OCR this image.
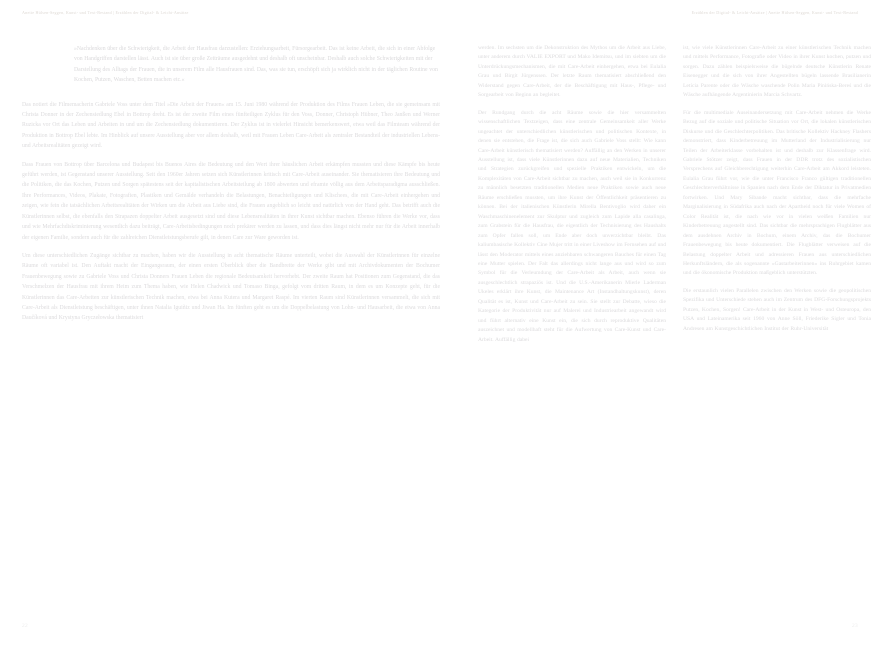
Anette Hülsen-Seggen, Kunst- und Text-Bestand | Erzählen der Digital- & Leicht-Ansätze

»Nachdenken über die Schwierigkeit, die Arbeit der Hausfrau darzustellen: Erziehungsarbeit, Fürsorgearbeit. Das ist keine Arbeit, die sich in einer Abfolge von Handgriffen darstellen lässt. Auch ist sie über große Zeiträume ausgedehnt und deshalb oft unscheinbar. Deshalb auch solche Schwierigkeiten mit der Darstellung des Alltags der Frauen, die in unserem Film alle Hausfrauen sind. Das, was sie tun, erschöpft sich ja wirklich nicht in der täglichen Routine von Kochen, Putzen, Waschen, Betten machen etc.«

Das notiert die Filmemacherin Gabriele Voss unter dem Titel »Die Arbeit der Frauen« am 15. Juni 1980 während der Produktion des Films Frauen Leben, die sie gemeinsam mit Christa Donner in der Zechensiedlung Ebel in Bottrop dreht. Es ist der zweite Film eines fünfteiligen Zyklus für den Voss, Donner, Christoph Hübner, Theo Janßen und Werner Ruzicka vor Ort das Leben und Arbeiten in und um die Zechensiedlung dokumentieren. Der Zyklus ist in vielerlei Hinsicht bemerkenswert, etwa weil das Filmteam während der Produktion in Bottrop Ebel lebte. Im Hinblick auf unsere Ausstellung aber vor allem deshalb, weil mit Frauen Leben Care-Arbeit als zentraler Bestandteil der industriellen Lebens- und Arbeitsrealitäten gezeigt wird.

Dass Frauen von Bottrop über Barcelona und Budapest bis Buenos Aires die Bedeutung und den Wert ihrer häuslichen Arbeit erkämpfen mussten und diese Kämpfe bis heute geführt werden, ist Gegenstand unserer Ausstellung. Seit den 1960er Jahren setzen sich Künstlerinnen kritisch mit Care-Arbeit auseinander. Sie thematisieren ihre Bedeutung und die Politiken, die das Kochen, Putzen und Sorgen spätestens seit der kapitalistischen Arbeitsteilung ab 1800 abwerten und eframte völlig aus dem Arbeitsparadigma ausschließen. Ihre Performances, Videos, Plakate, Fotografien, Plastiken und Gemälde verhandeln die Belastungen, Benachteiligungen und Klischees, die mit Care-Arbeit einhergehen und zeigen, wie fein die tatsächlichen Arbeitsrealitäten der Wirken um die Arbeit aus Liebe sind, die Frauen angeblich so leicht und natürlich von der Hand geht. Das betrifft auch die Künstlerinnen selbst, die ebenfalls den Strapazen doppelter Arbeit ausgesetzt sind und diese Lebensrealitäten in ihrer Kunst sichtbar machen. Ebenso führen die Werke vor, dass und wie Mehrfachdiskriminierung wesentlich dazu beiträgt, Care-Arbeitsbedingungen noch prekärer werden zu lassen, und dass dies längst nicht mehr nur für die Arbeit innerhalb der eigenen Familie, sondern auch für die zahlreichen Dienstleistungsberufe gilt, in denen Care zur Ware geworden ist.

Um diese unterschiedlichen Zugänge sichtbar zu machen, haben wir die Ausstellung in acht thematische Räume unterteilt, wobei die Auswahl der Künstlerinnen für einzelne Räume oft variabel ist. Den Auftakt macht der Eingangsraum, der einen ersten Überblick über die Bandbreite der Werke gibt und mit Archivdokumenten der Bochumer Frauenbewegung sowie zu Gabriele Voss und Christa Donners Frauen Leben die regionale Bedeutsamkeit hervorhebt. Der zweite Raum hat Positionen zum Gegenstand, die das Verschmelzen der Hausfrau mit ihrem Heim zum Thema haben, wie Helen Chadwick und Tomaso Binga, gefolgt vom dritten Raum, in dem es um Konzepte geht, für die Künstlerinnen das Care-Arbeiten zur künstlerischen Technik machen, etwa bei Anna Kutera und Margaret Raspé. Im vierten Raum sind Künstlerinnen versammelt, die sich mit Care-Arbeit als Dienstleistung beschäftigen, unter ihnen Natalia Iguiñiz und Jiwan Ha. Im fünften geht es um die Doppelbelastung von Lohn- und Hausarbeit, die etwa von Anna Daučíková und Krystyna Gryczełowska thematisiert

22
Erzählen der Digital- & Leicht-Ansätze | Anette Hülsen-Seggen, Kunst- und Text-Bestand

werden. Im sechsten um die Dekonstruktion des Mythos um die Arbeit aus Liebe, unter anderem durch VALIE EXPORT und Mako Idemitsu, und im siebten um die Unterdrückungsmechanismen, die mit Care-Arbeit einhergehen, etwa bei Eulalia Grau und Birgit Jürgenssen. Der letzte Raum thematisiert abschließend den Widerstand gegen Care-Arbeit, der die Beschäftigung mit Haus-, Pflege- und Sorgearbeit von Beginn an begleitet.

Der Rundgang durch die acht Räume sowie die hier versammelten wissenschaftlichen Textzeigen, dass eine zentrale Gemeinsamkeit aller Werke ungeachtet der unterschiedlichen künstlerischen und politischen Kontexte, in denen sie entstehen, die Frage ist, die sich auch Gabriele Voss stellt: Wie kann Care-Arbeit künstlerisch thematisiert werden? Auffällig an den Werken in unserer Ausstellung ist, dass viele Künstlerinnen dazu auf neue Materialien, Techniken und Strategien zurückgreifen und spezielle Praktiken entwickeln, um die Komplexitäten von Care-Arbeit sichtbar zu machen, auch weil sie in Konkurrenz zu männlich besetzten traditionellen Medien neue Praktiken sowie auch neue Räume erschließen mussten, um ihre Kunst der Öffentlichkeit präsentieren zu können. Bei der italienischen Künstlerin Mirella Bentivoglio wird daher ein Waschmaschinenelement zur Skulptur und zugleich zum Lapide alla casalinga, zum Grabstein für die Hausfrau, die eigentlich der Technisierung des Haushalts zum Opfer fallen soll, um Ende aber doch unverzichtbar bleibt. Das kaliumbasische Kollektiv Cine Mujer tritt in einer Liveshow im Fernsehen auf und lässt den Moderator mittels eines anziehbaren schwangeren Bauches für einen Tag eine Mutter spielen. Der Falt das allerdings nicht lange aus und wird so zum Symbol für die Verleumdung der Care-Arbeit als Arbeit, auch wenn sie ausgeschlechtlich strapaziös ist. Und die U.S.-Amerikanerin Mierle Laderman Ukeles erklärt ihre Kunst, die Maintenance Art (Instandhaltungskunst), deren Qualität es ist, Kunst und Care-Arbeit zu sein. Sie stellt zur Debatte, wieso die Kategorie der Produktivität nur auf Malerei und Industriearbeit angewandt wird und führt alternativ eine Kunst ein, die sich durch reproduktive Qualitäten auszeichnet und modellhaft steht für die Aufwertung von Care-Kunst und Care-Arbeit. Auffällig dabei

ist, wie viele Künstlerinnen Care-Arbeit zu einer künstlerischen Technik machen und mittels Performance, Fotografie oder Video in ihrer Kunst kochen, putzen und sorgen. Dazu zählen beispielsweise die bügelnde deutsche Künstlerin Renate Eisenegger und die sich von ihrer Angestellten bügeln lassende Brasilianerin Letícia Parente oder die Wäsche waschende Polin Maria Pinińska-Bereś und die Wäsche aufhängende Argentinierin Marcia Schvartz.

Für die multimediale Auseinandersetzung mit Care-Arbeit nehmen die Werke Bezug auf die soziale und politische Situation vor Ort, die lokalen künstlerischen Diskurse und die Geschlechterpolitiken. Das britische Kollektiv Hackney Flashers demonstriert, dass Kinderbetreuung im Mutterland der Industrialisierung nur Teilen der Arbeiterklasse vorbehalten ist und deshalb zur Klassenfrage wird. Gabriele Stötzer zeigt, dass Frauen in der DDR trotz des sozialistischen Versprechens auf Gleichberechtigung weiterhin Care-Arbeit am Akkord leisteten. Eulalia Grau führt vor, wie die unter Francisco Franco gültigen traditionellen Geschlechterverhältnisse in Spanien nach dem Ende der Diktatur in Privatmedien fortwirken. Und Mary Sibande macht sichtbar, dass die mehrfache Marginalisierung in Südafrika auch nach der Apartheid noch für viele Women of Color Realität ist, die nach wie vor in vielen weißen Familien nur Kinderbetreuung angestellt sind. Das sichtbar die mehrsprachigen Flugblätter aus dem ausdehnen Archiv in Bochum, einem Archiv, das die Bochumer Frauenbewegung bis heute dokumentiert. Die Flugblätter verweisen auf die Belastung doppelter Arbeit und adressieren Frauen aus unterschiedlichen Herkunftsländern, die als sogenannte »Gastarbeiterinnen« ins Ruhrgebiet kamen und die ökonomische Produktion maßgeblich unterstützten.

Die erstaunlich vielen Parallelen zwischen den Werken sowie die geopolitischen Spezifika und Unterschiede stehen auch im Zentrum des DFG-Forschungsprojekts Putzen, Kochen, Sorgen! Care-Arbeit in der Kunst in West- und Osteuropa, den USA und Lateinamerika seit 1960 von Anne Söll, Friederike Sigler und Tonia Andresen am Kunstgeschichtlichen Institut der Ruhr-Universität

23
